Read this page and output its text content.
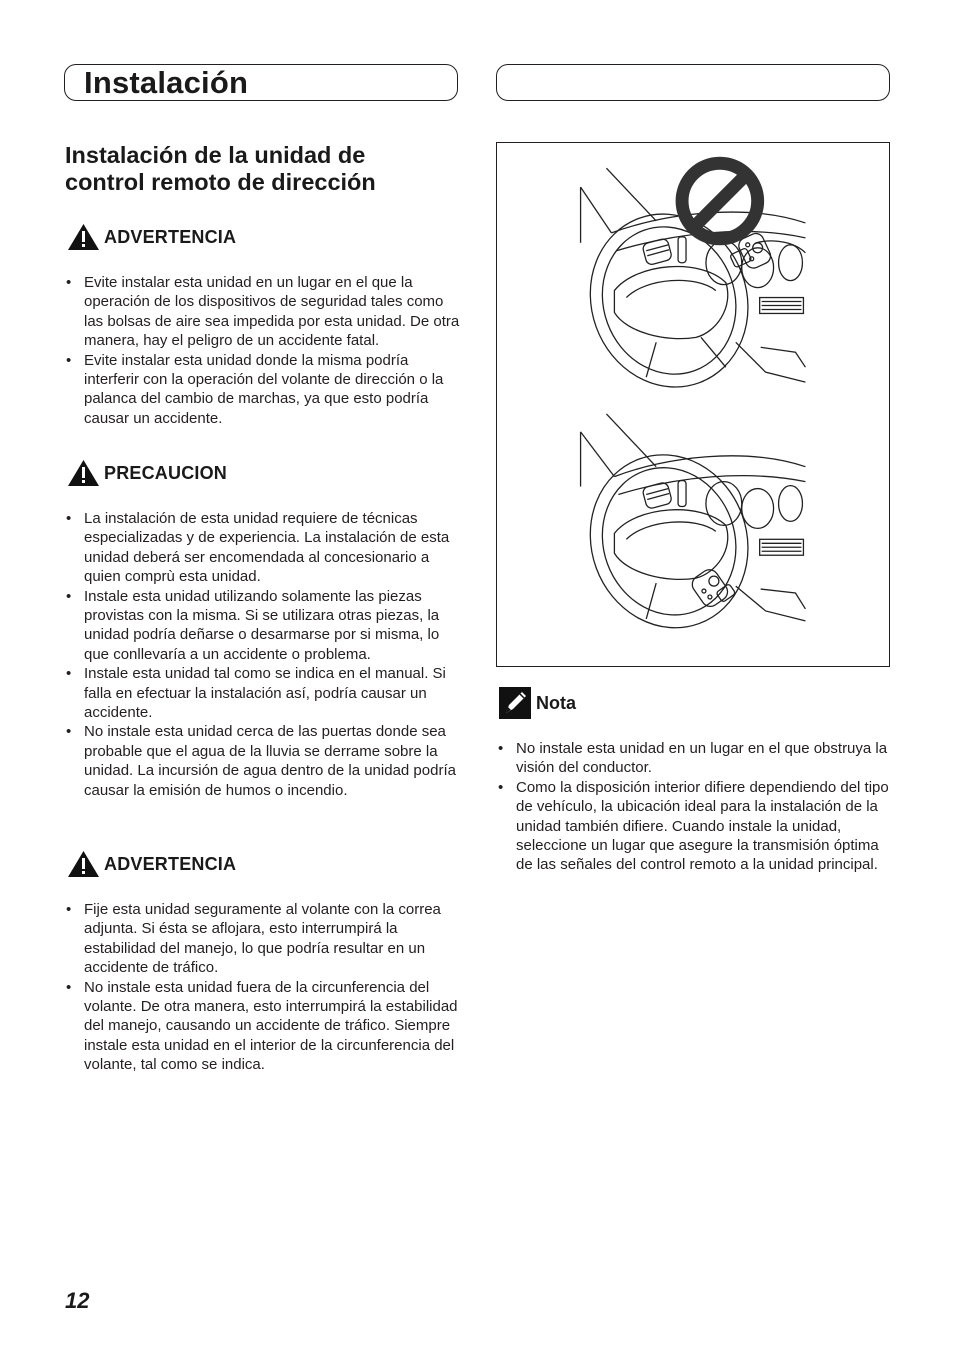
Instalación
Instalación de la unidad de
control remoto de dirección
ADVERTENCIA
• Evite instalar esta unidad en un lugar en el que la operación de los dispositivos de seguridad tales como las bolsas de aire sea impedida por esta unidad. De otra manera, hay el peligro de un accidente fatal.
• Evite instalar esta unidad donde la misma podría interferir con la operación del volante de dirección o la palanca del cambio de marchas, ya que esto podría causar un accidente.
PRECAUCION
• La instalación de esta unidad requiere de técnicas especializadas y de experiencia. La instalación de esta unidad deberá ser encomendada al concesionario a quien comprù esta unidad.
• Instale esta unidad utilizando solamente las piezas provistas con la misma. Si se utilizara otras piezas, la unidad podría deñarse o desarmarse por si misma, lo que conllevaría a un accidente o problema.
• Instale esta unidad tal como se indica en el manual. Si falla en efectuar la instalación así, podría causar un accidente.
• No instale esta unidad cerca de las puertas donde sea probable que el agua de la lluvia se derrame sobre la unidad. La incursión de agua dentro de la unidad podría causar la emisión de humos o incendio.
ADVERTENCIA
• Fije esta unidad seguramente al volante con la correa adjunta. Si ésta se aflojara, esto interrumpirá la estabilidad del manejo, lo que podría resultar en un accidente de tráfico.
• No instale esta unidad fuera de la circunferencia del volante. De otra manera, esto interrumpirá la estabilidad del manejo, causando un accidente de tráfico. Siempre instale esta unidad en el interior de la circunferencia del volante, tal como se indica.
Nota
• No instale esta unidad en un lugar en el que obstruya la visión del conductor.
• Como la disposición interior difiere dependiendo del tipo de vehículo, la ubicación ideal para la instalación de la unidad también difiere. Cuando instale la unidad, seleccione un lugar que asegure la transmisión óptima de las señales del control remoto a la unidad principal.
12
